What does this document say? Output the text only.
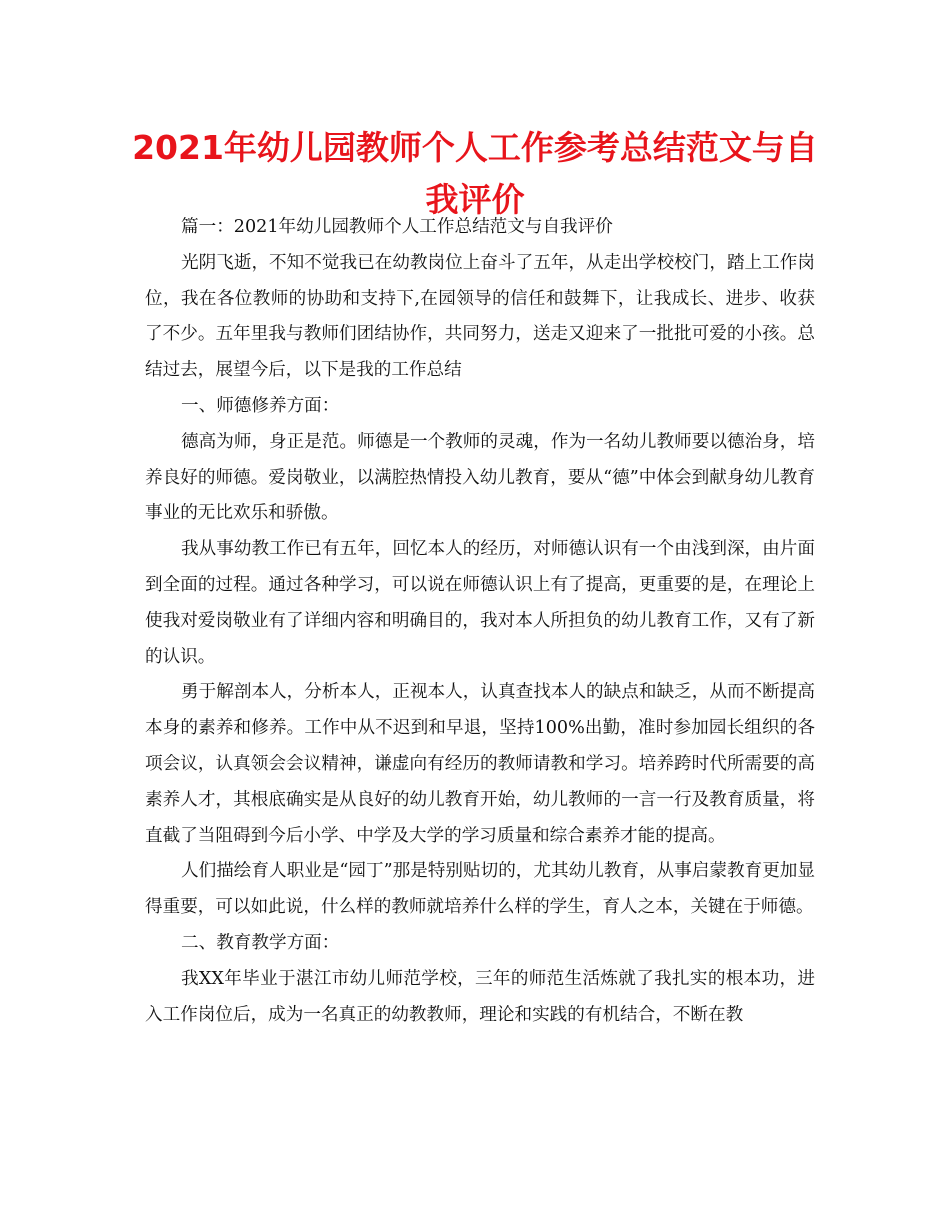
2021年幼儿园教师个人工作参考总结范文与自我评价

篇一：2021年幼儿园教师个人工作总结范文与自我评价

光阴飞逝，不知不觉我已在幼教岗位上奋斗了五年，从走出学校校门，踏上工作岗位，我在各位教师的协助和支持下,在园领导的信任和鼓舞下，让我成长、进步、收获了不少。五年里我与教师们团结协作，共同努力，送走又迎来了一批批可爱的小孩。总结过去，展望今后，以下是我的工作总结

一、师德修养方面：

德高为师，身正是范。师德是一个教师的灵魂，作为一名幼儿教师要以德治身，培养良好的师德。爱岗敬业，以满腔热情投入幼儿教育，要从“德”中体会到献身幼儿教育事业的无比欢乐和骄傲。

我从事幼教工作已有五年，回忆本人的经历，对师德认识有一个由浅到深，由片面到全面的过程。通过各种学习，可以说在师德认识上有了提高，更重要的是，在理论上使我对爱岗敬业有了详细内容和明确目的，我对本人所担负的幼儿教育工作，又有了新的认识。

勇于解剖本人，分析本人，正视本人，认真查找本人的缺点和缺乏，从而不断提高本身的素养和修养。工作中从不迟到和早退，坚持100%出勤，准时参加园长组织的各项会议，认真领会会议精神，谦虚向有经历的教师请教和学习。培养跨时代所需要的高素养人才，其根底确实是从良好的幼儿教育开始，幼儿教师的一言一行及教育质量，将直截了当阻碍到今后小学、中学及大学的学习质量和综合素养才能的提高。

人们描绘育人职业是“园丁”那是特别贴切的，尤其幼儿教育，从事启蒙教育更加显得重要，可以如此说，什么样的教师就培养什么样的学生，育人之本，关键在于师德。

二、教育教学方面：

我XX年毕业于湛江市幼儿师范学校，三年的师范生活炼就了我扎实的根本功，进入工作岗位后，成为一名真正的幼教教师，理论和实践的有机结合，不断在教
